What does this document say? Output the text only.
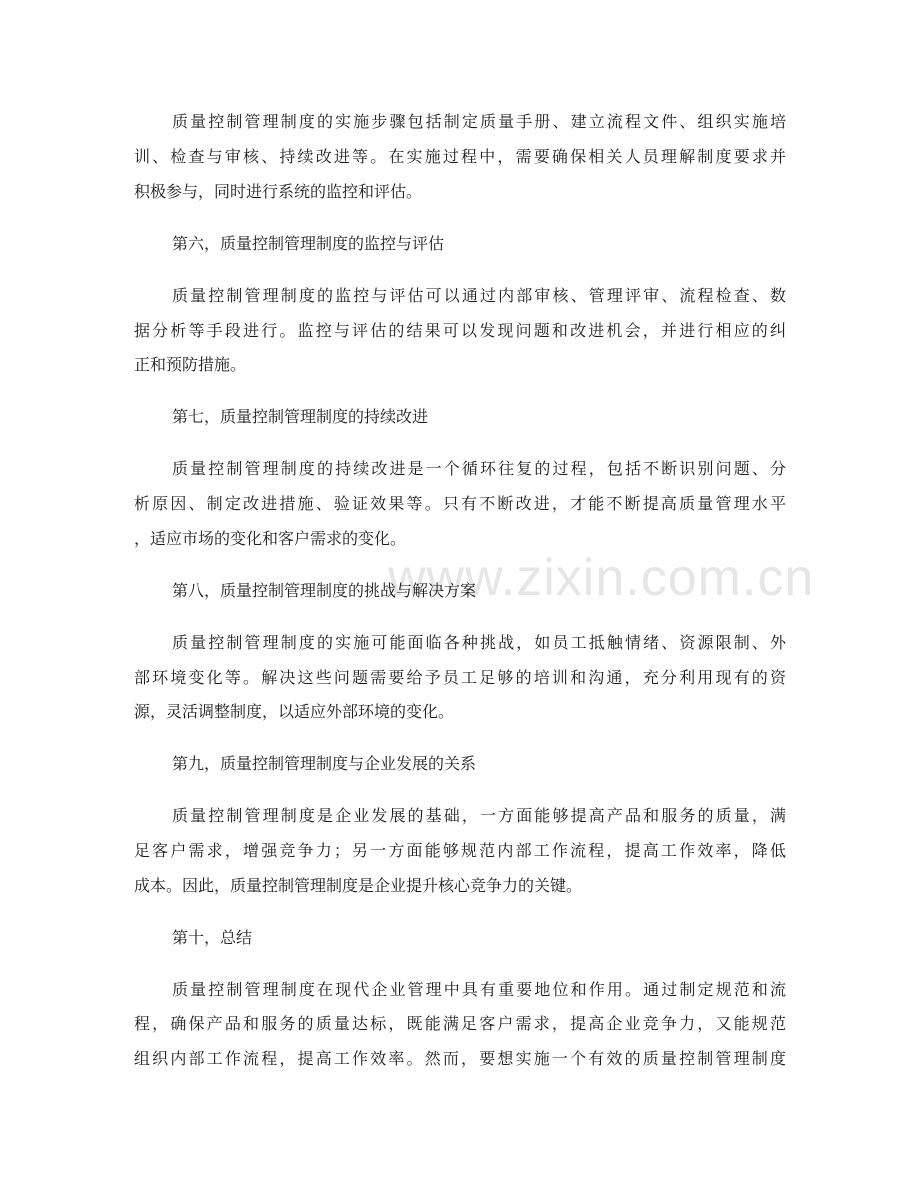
www.zixin.com.cn
质量控制管理制度的实施步骤包括制定质量手册、建立流程文件、组织实施培
训、检查与审核、持续改进等。在实施过程中，需要确保相关人员理解制度要求并
积极参与，同时进行系统的监控和评估。
第六，质量控制管理制度的监控与评估
质量控制管理制度的监控与评估可以通过内部审核、管理评审、流程检查、数
据分析等手段进行。监控与评估的结果可以发现问题和改进机会，并进行相应的纠
正和预防措施。
第七，质量控制管理制度的持续改进
质量控制管理制度的持续改进是一个循环往复的过程，包括不断识别问题、分
析原因、制定改进措施、验证效果等。只有不断改进，才能不断提高质量管理水平
，适应市场的变化和客户需求的变化。
第八，质量控制管理制度的挑战与解决方案
质量控制管理制度的实施可能面临各种挑战，如员工抵触情绪、资源限制、外
部环境变化等。解决这些问题需要给予员工足够的培训和沟通，充分利用现有的资
源，灵活调整制度，以适应外部环境的变化。
第九，质量控制管理制度与企业发展的关系
质量控制管理制度是企业发展的基础，一方面能够提高产品和服务的质量，满
足客户需求，增强竞争力；另一方面能够规范内部工作流程，提高工作效率，降低
成本。因此，质量控制管理制度是企业提升核心竞争力的关键。
第十，总结
质量控制管理制度在现代企业管理中具有重要地位和作用。通过制定规范和流
程，确保产品和服务的质量达标，既能满足客户需求，提高企业竞争力，又能规范
组织内部工作流程，提高工作效率。然而，要想实施一个有效的质量控制管理制度
